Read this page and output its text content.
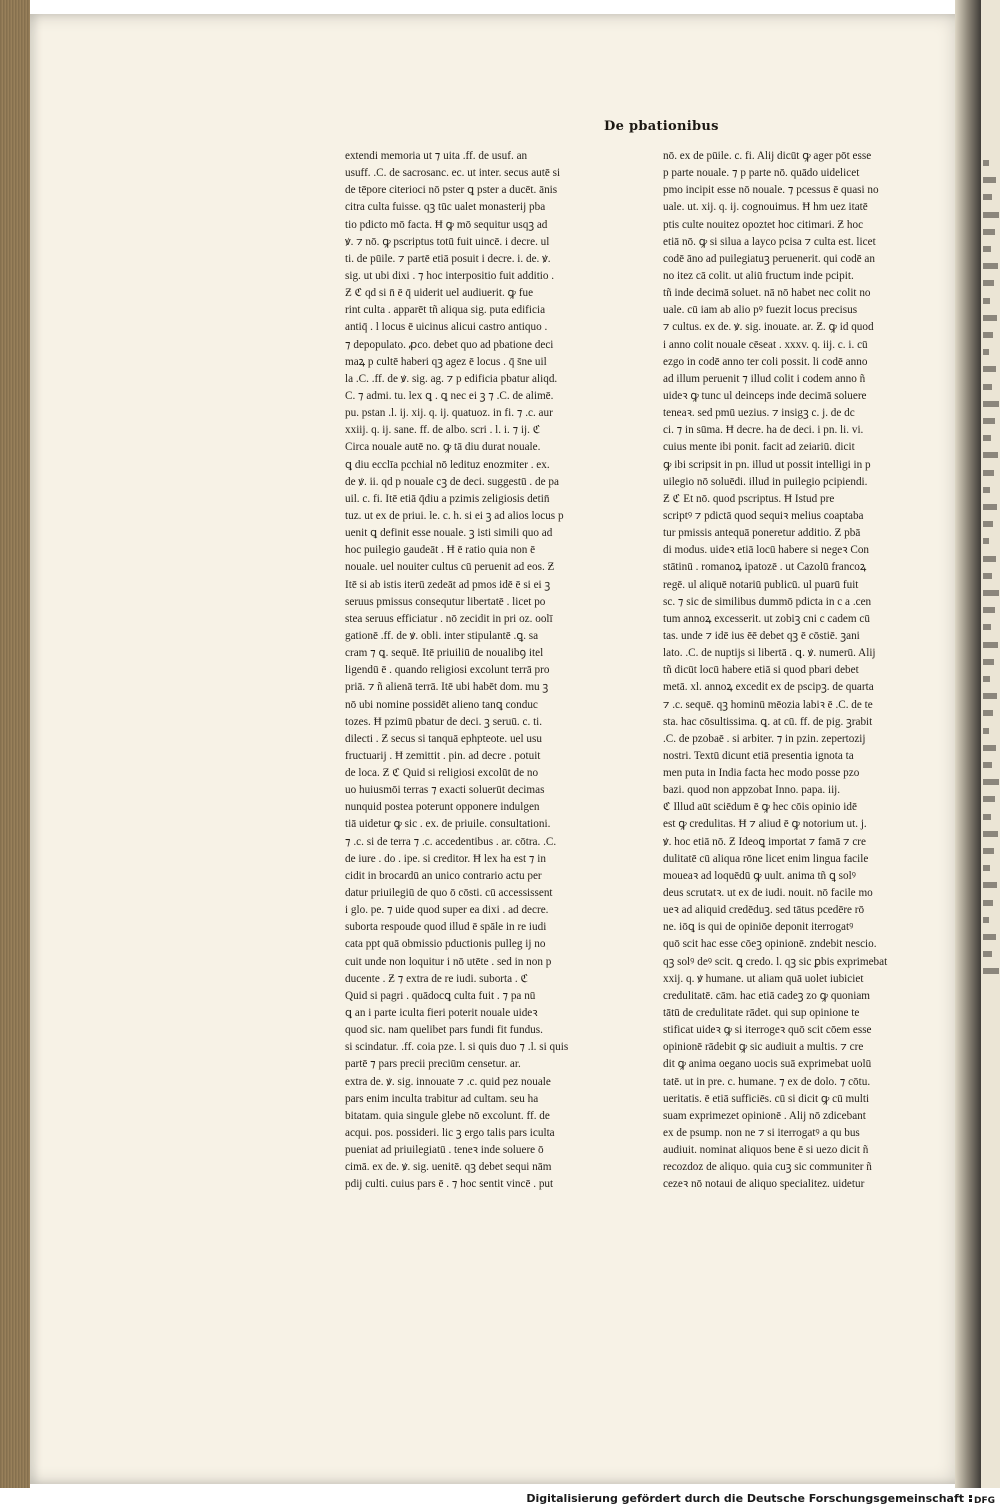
De pbationibus
extendi memoria ut ⁊ uita .ff. de usuf. an
usuff. .C. de sacrosanc. ec. ut inter. secus autē si
de tēpore citerioci nō pster ꝗ pster a ducēt. ānis
citra culta fuisse. qꝫ tūc ualet monasterij pba
tio pdicto mō facta. Ħ ꝙ mō sequitur usqꝫ ad
ꝟ. ⁊ nō. ꝙ pscriptus totū fuit uincē. i decre. ul
ti. de pūile. ⁊ partē etiā posuit i decre. i. de. ꝟ.
sig. ut ubi dixi . ⁊ hoc interpositio fuit additio .
Ƶ ℭ qd si n̄ ē q̄ uiderit uel audiuerit. ꝙ fue
rint culta . apparēt tñ aliqua sig. puta edificia
antiq̄ . l locus ē uicinus alicui castro antiquo .
⁊ depopulato. ꝓco. debet quo ad pbatione deci
maꝝ p cultē haberi qꝫ agez ē locus . q̄ s̄ne uil
la .C. .ff. de ꝟ. sig. ag. ⁊ p edificia pbatur aliqd.
C. ⁊ admi. tu. lex ꝗ . ꝗ nec ei ꝫ ⁊ .C. de alimē.
pu. pstan .l. ij. xij. q. ij. quatuoz. in fi. ⁊ .c. aur
xxiij. q. ij. sane. ff. de albo. scri . l. i. ⁊ ij. ℭ
Circa nouale autē no. ꝙ tā diu durat nouale.
ꝗ diu ecclīa pcchial nō ledituz enozmiter . ex.
de ꝟ. ii. qd p nouale cꝫ de deci. suggestū . de pa
uil. c. fi. Itē etiā q̄diu a pzimis zeligiosis detin̄
tuz. ut ex de priui. le. c. h. si ei ꝫ ad alios locus p
uenit ꝗ definit esse nouale. ꝫ isti simili quo ad
hoc puilegio gaudeāt . Ħ ē ratio quia non ē
nouale. uel nouiter cultus cū peruenit ad eos. Ƶ
Itē si ab istis iterū zedeāt ad pmos idē ē si ei ꝫ
seruus pmissus consequtur libertatē . licet po
stea seruus efficiatur . nō zecidit in pri oz. oolī
gationē .ff. de ꝟ. obli. inter stipulantē .ꝗ. sa
cram ⁊ ꝗ. sequē. Itē priuiliū de noualibꝯ itel
ligendū ē . quando religiosi excolunt terrā pro
priā. ⁊ ñ alienā terrā. Itē ubi habēt dom. mu ꝫ
nō ubi nomine possidēt alieno tanꝗ conduc
tozes. Ħ pzimū pbatur de deci. ꝫ seruū. c. ti.
dilecti . Ƶ secus si tanquā ephpteote. uel usu
fructuarij . Ħ zemittit . pin. ad decre . potuit
de loca. Ƶ ℭ Quid si religiosi excolūt de no
uo huiusmōi terras ⁊ exacti soluerūt decimas
nunquid postea poterunt opponere indulgen
tiā uidetur ꝙ sic . ex. de priuile. consultationi.
⁊ .c. si de terra ⁊ .c. accedentibus . ar. cōtra. .C.
de iure . do . ipe. si creditor. Ħ lex ha est ⁊ in
cidit in brocardū an unico contrario actu per
datur priuilegiū de quo ō cōsti. cū accessissent
i glo. pe. ⁊ uide quod super ea dixi . ad decre.
suborta respoude quod illud ē spāle in re iudi
cata ppt quā obmissio pductionis pulleg ij no
cuit unde non loquitur i nō utēte . sed in non p
ducente . Ƶ ⁊ extra de re iudi. suborta . ℭ
Quid si pagri . quādocꝗ culta fuit . ⁊ pa nū
ꝗ an i parte iculta fieri poterit nouale uideꝛ
quod sic. nam quelibet pars fundi fit fundus.
si scindatur. .ff. coia pze. l. si quis duo ⁊ .l. si quis
partē ⁊ pars precii preciūm censetur. ar.
extra de. ꝟ. sig. innouate ⁊ .c. quid pez nouale
pars enim inculta trabitur ad cultam. seu ha
bitatam. quia singule glebe nō excolunt. ff. de
acqui. pos. possideri. lic ꝫ ergo talis pars iculta
pueniat ad priuilegiatū . teneꝛ inde soluere ō
cimā. ex de. ꝟ. sig. uenitē. qꝫ debet sequi nām
pdij culti. cuius pars ē . ⁊ hoc sentit vincē . put
nō. ex de pūile. c. fi. Alij dicūt ꝙ ager pōt esse
p parte nouale. ⁊ p parte nō. quādo uidelicet
pmo incipit esse nō nouale. ⁊ pcessus ē quasi no
uale. ut. xij. q. ij. cognouimus. Ħ hm uez itatē
ptis culte nouitez opoztet hoc citimari. Ƶ hoc
etiā nō. ꝙ si silua a layco pcisa ⁊ culta est. licet
codē āno ad puilegiatuꝫ peruenerit. qui codē an
no itez cā colit. ut aliū fructum inde pcipit.
tñ inde decimā soluet. nā nō habet nec colit no
uale. cū iam ab alio pꝰ fuezit locus precisus
⁊ cultus. ex de. ꝟ. sig. inouate. ar. Ƶ. ꝙ id quod
i anno colit nouale cēseat . xxxv. q. iij. c. i. cū
ezgo in codē anno ter coli possit. li codē anno
ad illum peruenit ⁊ illud colit i codem anno ñ
uideꝛ ꝙ tunc ul deinceps inde decimā soluere
teneaꝛ. sed pmū uezius. ⁊ insigꝫ c. j. de dc
ci. ⁊ in sūma. Ħ decre. ha de deci. i pn. li. vi.
cuius mente ibi ponit. facit ad zeiariū. dicit
ꝙ ibi scripsit in pn. illud ut possit intelligi in p
uilegio nō soluēdi. illud in puilegio pcipiendi.
Ƶ ℭ Et nō. quod pscriptus. Ħ Istud pre
scriptꝰ ⁊ pdictā quod sequiꝛ melius coaptaba
tur pmissis antequā poneretur additio. Ƶ pbā
di modus. uideꝛ etiā locū habere si negeꝛ Con
stātinū . romanoꝝ ipatozē . ut Cazolū francoꝝ
regē. ul aliquē notariū publicū. ul puarū fuit
sc. ⁊ sic de similibus dummō pdicta in c a .cen
tum annoꝝ excesserit. ut zobiꝫ cni c cadem cū
tas. unde ⁊ idē ius ēē debet qꝫ ē cōstiē. ꝫani
lato. .C. de nuptijs si libertā . ꝗ. ꝟ. numerū. Alij
tñ dicūt locū habere etiā si quod pbari debet
metā. xl. annoꝝ excedit ex de pscipꝫ. de quarta
⁊ .c. sequē. qꝫ hominū mēozia labiꝛ ē .C. de te
sta. hac cōsultissima. ꝗ. at cū. ff. de pig. ꝫrabit
.C. de pzobaē . si arbiter. ⁊ in pzin. zepertozij
nostri. Textū dicunt etiā presentia ignota ta
men puta in India facta hec modo posse pzo
bazi. quod non appzobat Inno. papa. iij.
ℭ Illud aūt sciēdum ē ꝙ hec cōis opinio idē
est ꝙ credulitas. Ħ ⁊ aliud ē ꝙ notorium ut. j.
ꝟ. hoc etiā nō. Ƶ Ideoꝗ importat ⁊ famā ⁊ cre
dulitatē cū aliqua rōne licet enim lingua facile
moueaꝛ ad loquēdū ꝙ uult. anima tñ ꝗ solꝰ
deus scrutatꝛ. ut ex de iudi. nouit. nō facile mo
ueꝛ ad aliquid credēduꝫ. sed tātus pcedēre rō
ne. iōꝗ is qui de opiniōe deponit iterrogatꝰ
quō scit hac esse cōeꝫ opinionē. zndebit nescio.
qꝫ solꝰ deꝰ scit. ꝗ credo. l. qꝫ sic ꝑbis exprimebat
xxij. q. ꝟ humane. ut aliam quā uolet iubiciet
credulitatē. cām. hac etiā cadeꝫ zo ꝙ quoniam
tātū de credulitate rādet. qui sup opinione te
stificat uideꝛ ꝙ si iterrogeꝛ quō scit cōem esse
opinionē rādebit ꝙ sic audiuit a multis. ⁊ cre
dit ꝙ anima oegano uocis suā exprimebat uolū
tatē. ut in pre. c. humane. ⁊ ex de dolo. ⁊ cōtu.
ueritatis. ē etiā sufficiēs. cū si dicit ꝙ cū multi
suam exprimezet opinionē . Alij nō zdicebant
ex de psump. non ne ⁊ si iterrogatꝰ a qu bus
audiuit. nominat aliquos bene ē si uezo dicit ñ
recozdoz de aliquo. quia cuꝫ sic communiter ñ
cezeꝛ nō notaui de aliquo specialitez. uidetur
Digitalisierung gefördert durch die Deutsche Forschungsgemeinschaft DFG
